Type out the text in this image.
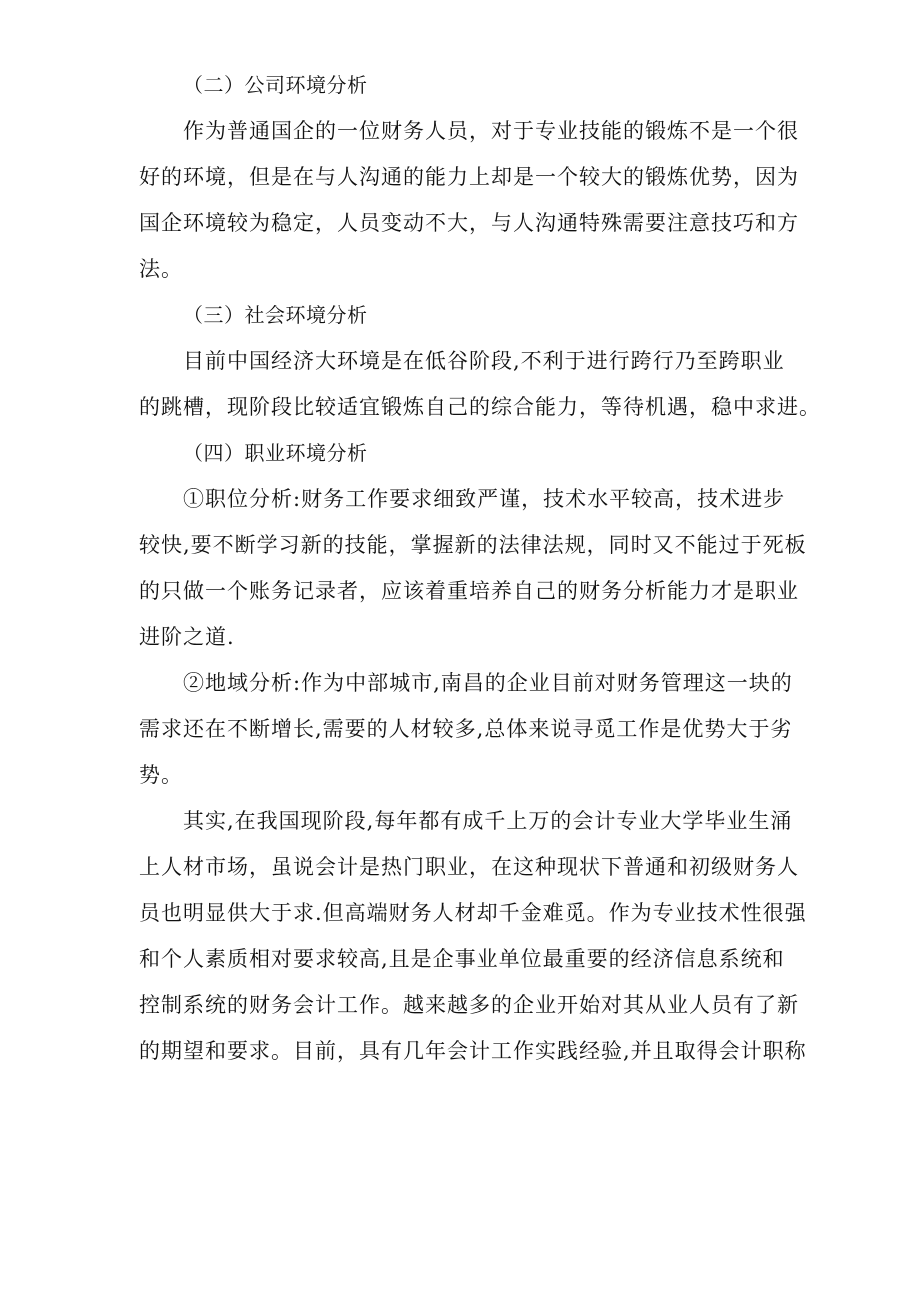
（二）公司环境分析

作为普通国企的一位财务人员，对于专业技能的锻炼不是一个很
好的环境，但是在与人沟通的能力上却是一个较大的锻炼优势，因为
国企环境较为稳定，人员变动不大，与人沟通特殊需要注意技巧和方
法。

（三）社会环境分析

目前中国经济大环境是在低谷阶段,不利于进行跨行乃至跨职业
的跳槽，现阶段比较适宜锻炼自己的综合能力，等待机遇，稳中求进。

（四）职业环境分析

①职位分析:财务工作要求细致严谨，技术水平较高，技术进步
较快,要不断学习新的技能，掌握新的法律法规，同时又不能过于死板
的只做一个账务记录者，应该着重培养自己的财务分析能力才是职业
进阶之道.

②地域分析:作为中部城市,南昌的企业目前对财务管理这一块的
需求还在不断增长,需要的人材较多,总体来说寻觅工作是优势大于劣
势。

其实,在我国现阶段,每年都有成千上万的会计专业大学毕业生涌
上人材市场，虽说会计是热门职业，在这种现状下普通和初级财务人
员也明显供大于求.但高端财务人材却千金难觅。作为专业技术性很强
和个人素质相对要求较高,且是企事业单位最重要的经济信息系统和
控制系统的财务会计工作。越来越多的企业开始对其从业人员有了新
的期望和要求。目前，具有几年会计工作实践经验,并且取得会计职称
